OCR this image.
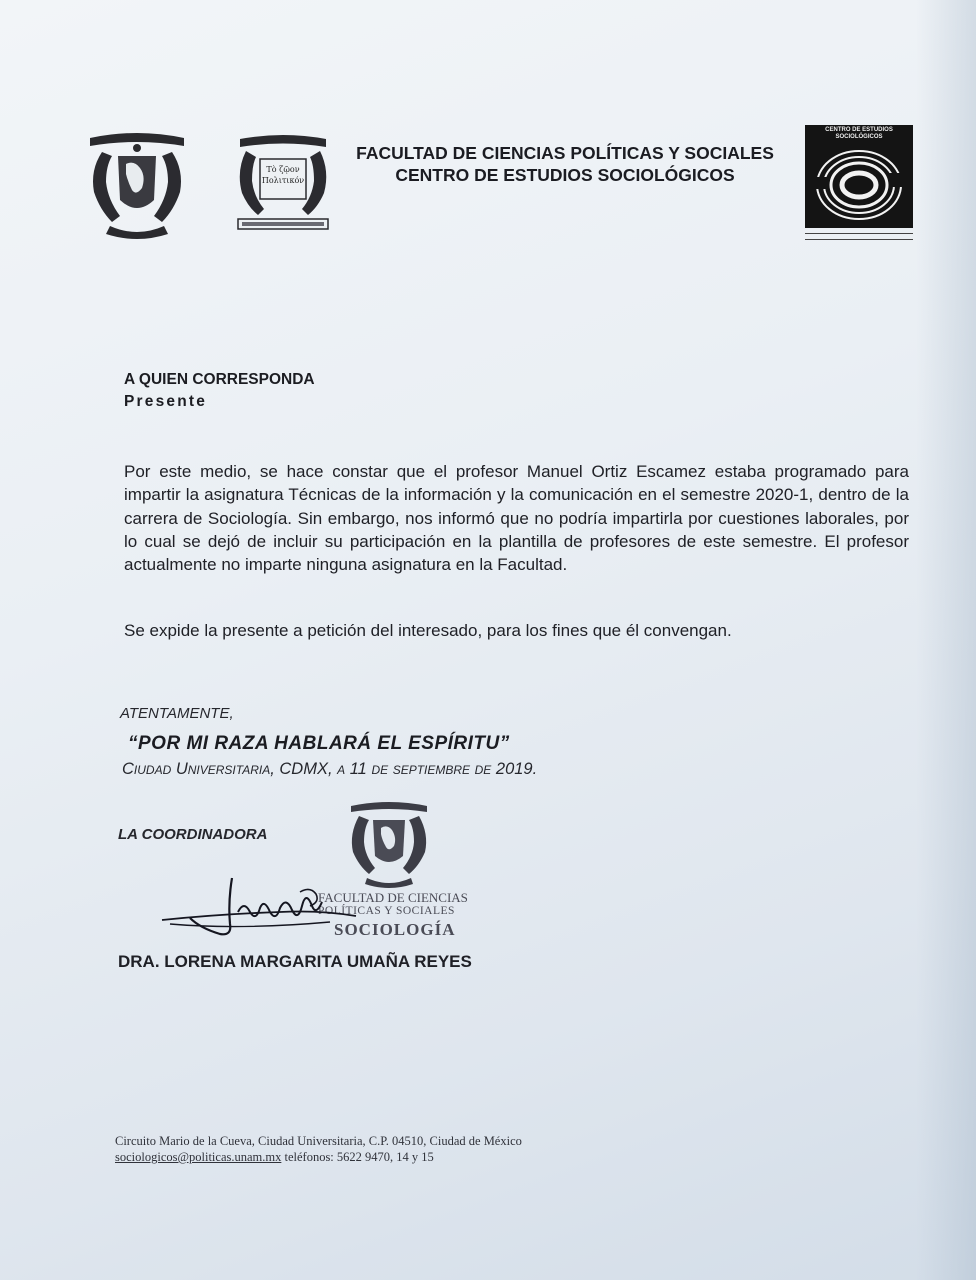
Τὸ ζῷον
Πολιτικόν
FACULTAD DE CIENCIAS POLÍTICAS Y SOCIALES
CENTRO DE ESTUDIOS SOCIOLÓGICOS
CENTRO DE ESTUDIOS
SOCIOLÓGICOS
A QUIEN CORRESPONDA
Presente
Por este medio, se hace constar que el profesor Manuel Ortiz Escamez estaba programado para impartir la asignatura Técnicas de la información y la comunicación en el semestre 2020-1, dentro de la carrera de Sociología. Sin embargo, nos informó que no podría impartirla por cuestiones laborales, por lo cual se dejó de incluir su participación en la plantilla de profesores de este semestre. El profesor actualmente no imparte ninguna asignatura en la Facultad.
Se expide la presente a petición del interesado, para los fines que él convengan.
ATENTAMENTE,
“POR MI RAZA HABLARÁ EL ESPÍRITU”
Ciudad Universitaria, CDMX, a 11 de septiembre de 2019.
LA COORDINADORA
FACULTAD DE CIENCIAS
POLÍTICAS Y SOCIALES
SOCIOLOGÍA
DRA. LORENA MARGARITA UMAÑA REYES
Circuito Mario de la Cueva, Ciudad Universitaria, C.P. 04510, Ciudad de México
sociologicos@politicas.unam.mx teléfonos: 5622 9470, 14 y 15
